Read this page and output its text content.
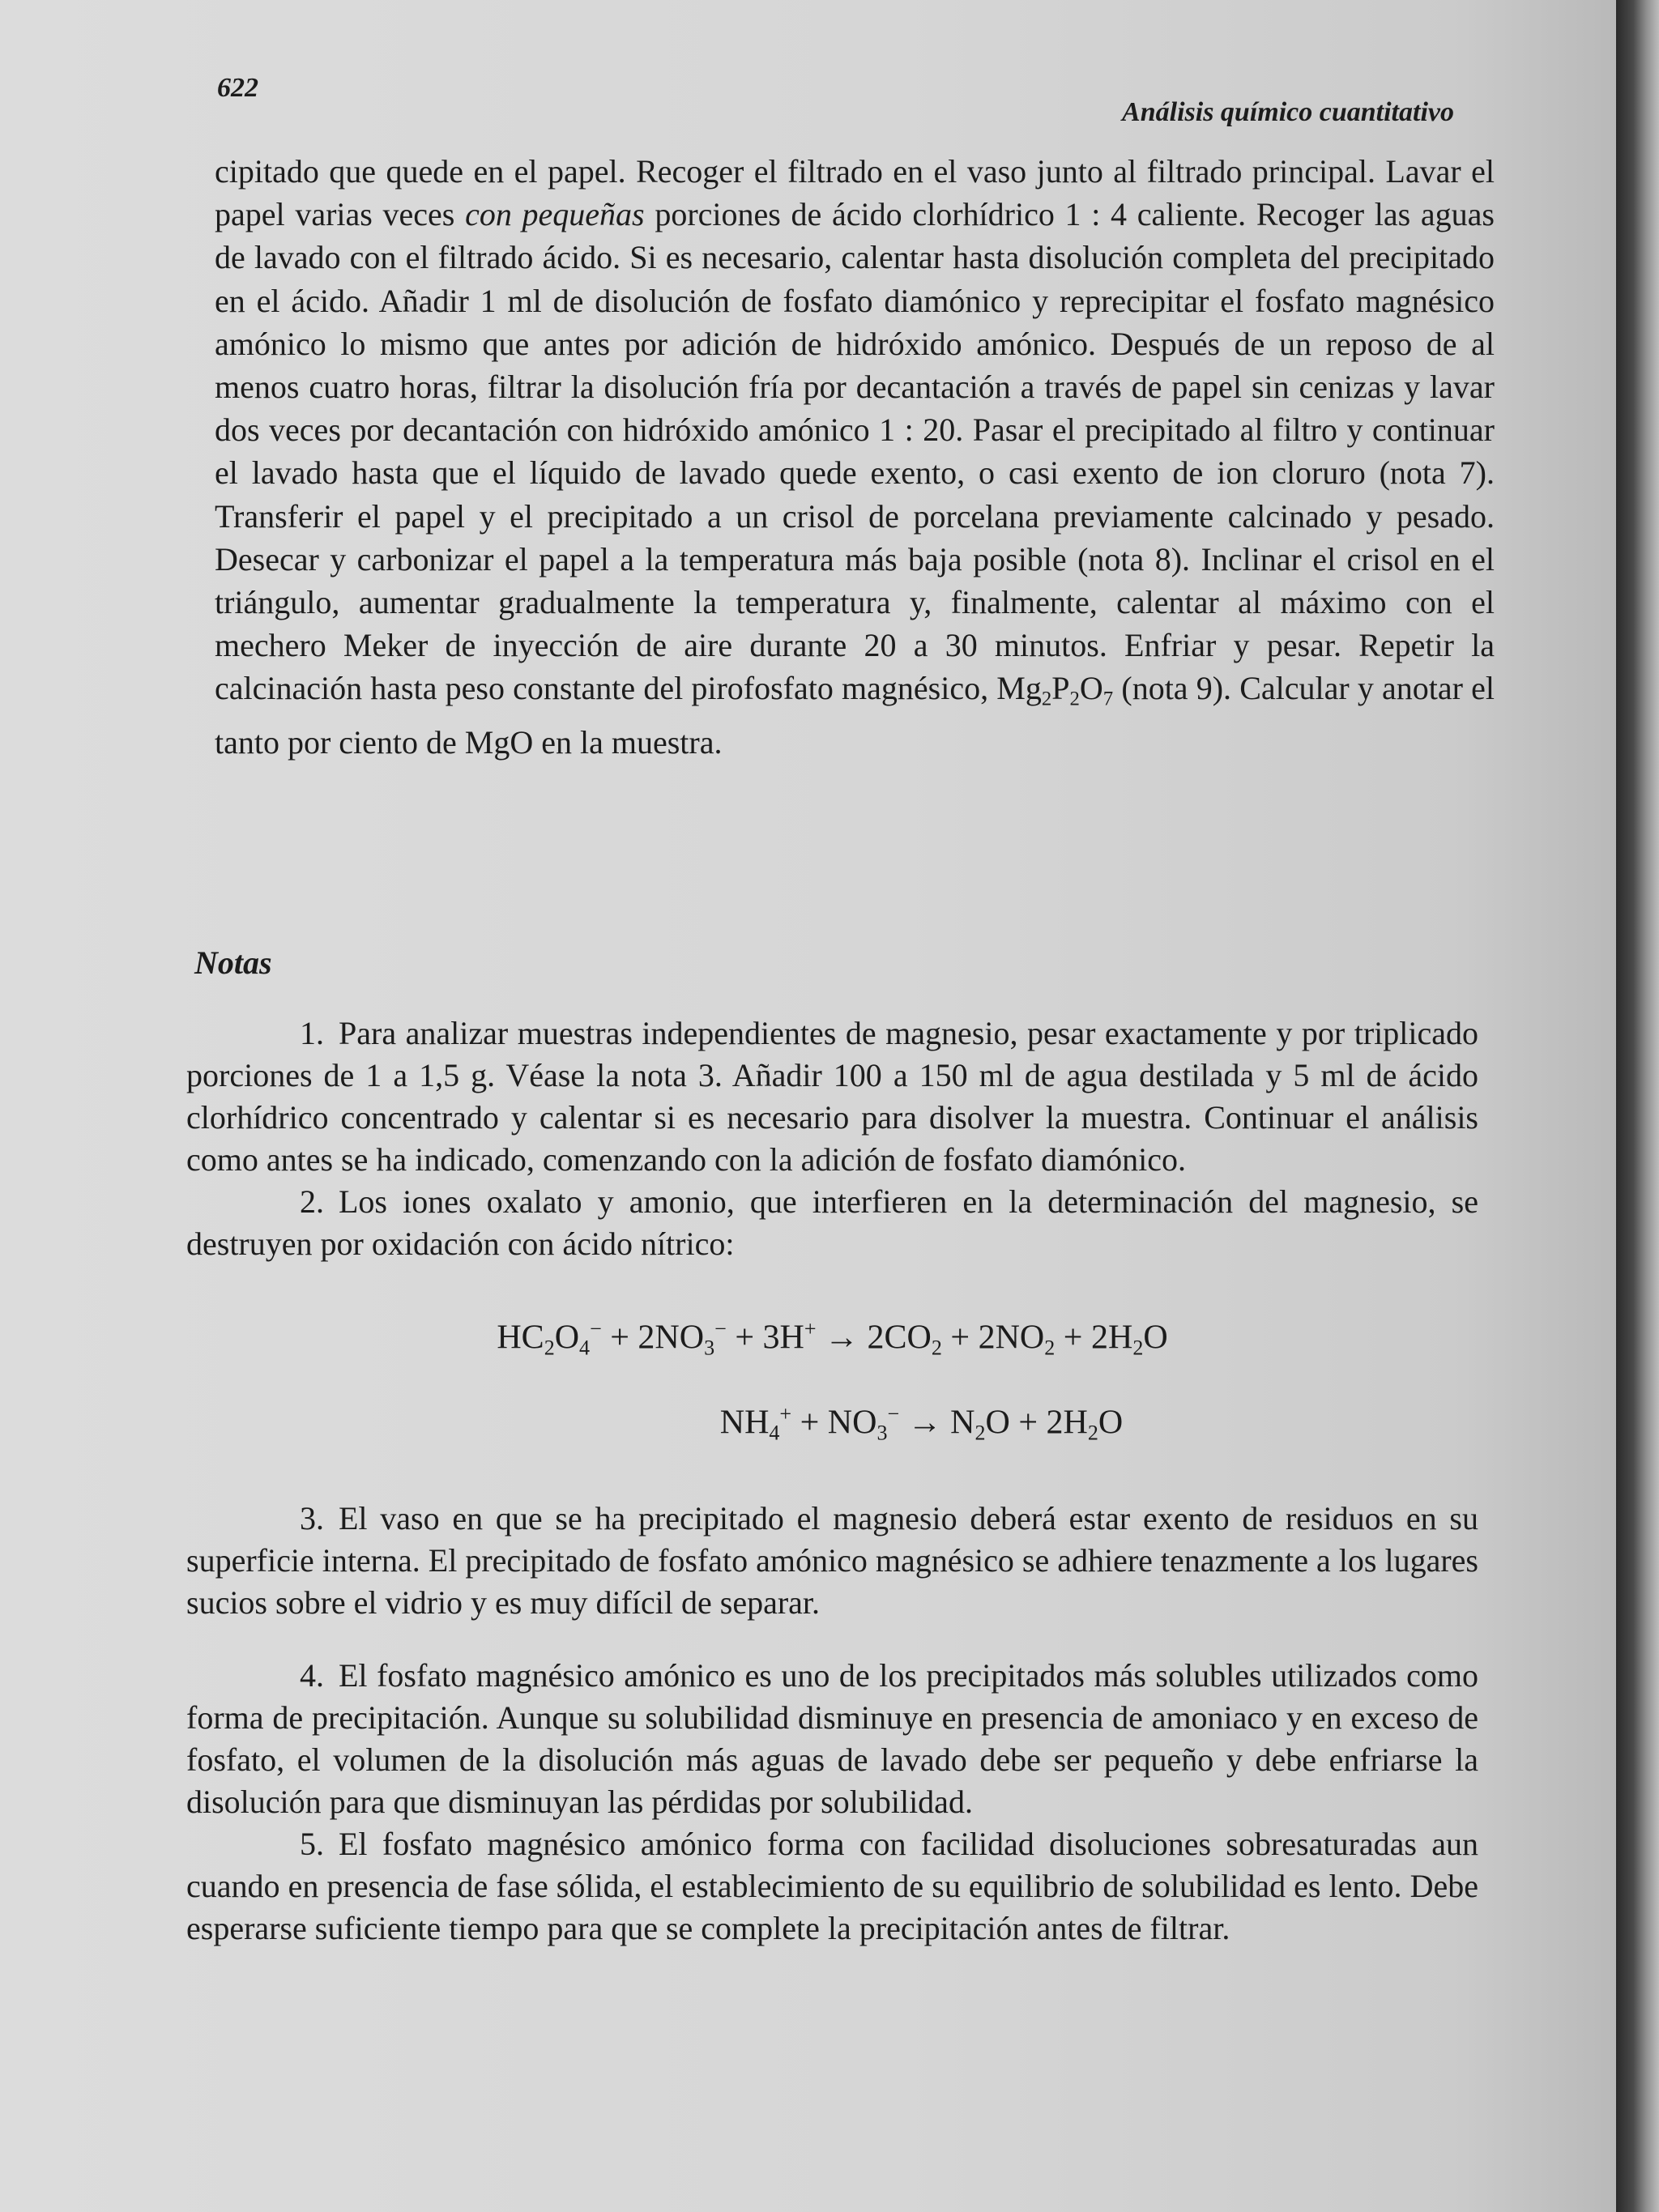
622
Análisis químico cuantitativo

cipitado que quede en el papel. Recoger el filtrado en el vaso junto al filtrado principal. Lavar el papel varias veces con pequeñas porciones de ácido clorhídrico 1 : 4 caliente. Recoger las aguas de lavado con el filtrado ácido. Si es necesario, calentar hasta disolución completa del precipitado en el ácido. Añadir 1 ml de disolución de fosfato diamónico y reprecipitar el fosfato magnésico amónico lo mismo que antes por adición de hidróxido amónico. Después de un reposo de al menos cuatro horas, filtrar la disolución fría por decantación a través de papel sin cenizas y lavar dos veces por decantación con hidróxido amónico 1 : 20. Pasar el precipitado al filtro y continuar el lavado hasta que el líquido de lavado quede exento, o casi exento de ion cloruro (nota 7). Transferir el papel y el precipitado a un crisol de porcelana previamente calcinado y pesado. Desecar y carbonizar el papel a la temperatura más baja posible (nota 8). Inclinar el crisol en el triángulo, aumentar gradualmente la temperatura y, finalmente, calentar al máximo con el mechero Meker de inyección de aire durante 20 a 30 minutos. Enfriar y pesar. Repetir la calcinación hasta peso constante del pirofosfato magnésico, $Mg_2P_2O_7$ (nota 9). Calcular y anotar el tanto por ciento de MgO en la muestra.

Notas

1. Para analizar muestras independientes de magnesio, pesar exactamente y por triplicado porciones de 1 a 1,5 g. Véase la nota 3. Añadir 100 a 150 ml de agua destilada y 5 ml de ácido clorhídrico concentrado y calentar si es necesario para disolver la muestra. Continuar el análisis como antes se ha indicado, comenzando con la adición de fosfato diamónico.

2. Los iones oxalato y amonio, que interfieren en la determinación del magnesio, se destruyen por oxidación con ácido nítrico:

$HC_2O_4^- + 2NO_3^- + 3H^+ \to 2CO_2 + 2NO_2 + 2H_2O$
$NH_4^+ + NO_3^- \to N_2O + 2H_2O$

3. El vaso en que se ha precipitado el magnesio deberá estar exento de residuos en su superficie interna. El precipitado de fosfato amónico magnésico se adhiere tenazmente a los lugares sucios sobre el vidrio y es muy difícil de separar.

4. El fosfato magnésico amónico es uno de los precipitados más solubles utilizados como forma de precipitación. Aunque su solubilidad disminuye en presencia de amoniaco y en exceso de fosfato, el volumen de la disolución más aguas de lavado debe ser pequeño y debe enfriarse la disolución para que disminuyan las pérdidas por solubilidad.

5. El fosfato magnésico amónico forma con facilidad disoluciones sobresaturadas aun cuando en presencia de fase sólida, el establecimiento de su equilibrio de solubilidad es lento. Debe esperarse suficiente tiempo para que se complete la precipitación antes de filtrar.
